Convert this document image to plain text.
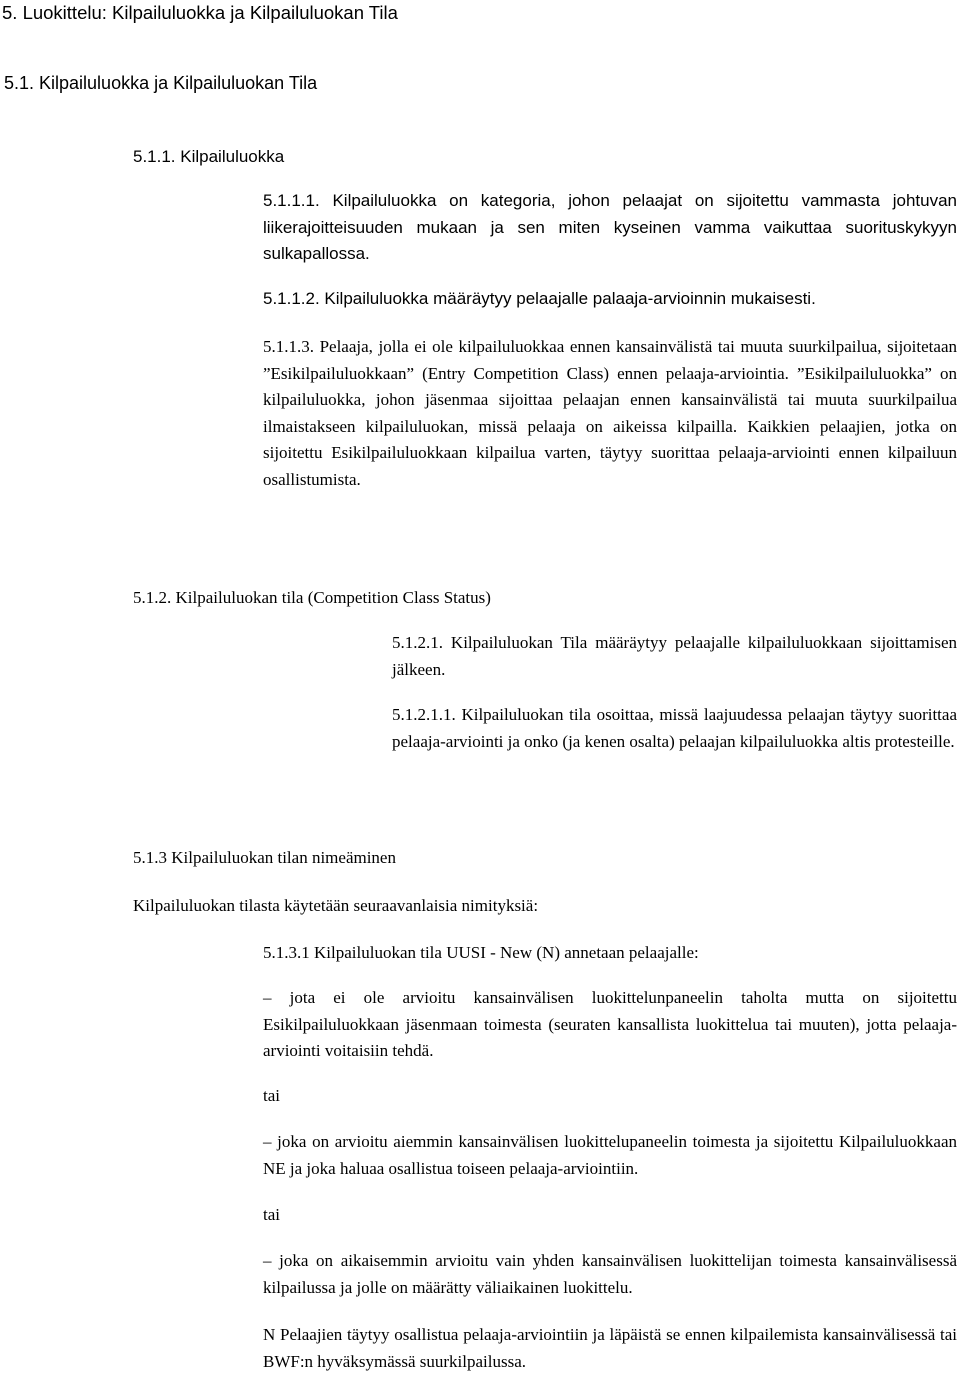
5. Luokittelu: Kilpailuluokka ja Kilpailuluokan Tila
5.1. Kilpailuluokka ja Kilpailuluokan Tila
5.1.1. Kilpailuluokka

5.1.1.1. Kilpailuluokka on kategoria, johon pelaajat on sijoitettu vammasta johtuvan liikerajoitteisuuden mukaan ja sen miten kyseinen vamma vaikuttaa suorituskykyyn sulkapallossa.

5.1.1.2. Kilpailuluokka määräytyy pelaajalle palaaja-arvioinnin mukaisesti.

5.1.1.3. Pelaaja, jolla ei ole kilpailuluokkaa ennen kansainvälistä tai muuta suurkilpailua, sijoitetaan ”Esikilpailuluokkaan” (Entry Competition Class) ennen pelaaja-arviointia. ”Esikilpailuluokka” on kilpailuluokka, johon jäsenmaa sijoittaa pelaajan ennen kansainvälistä tai muuta suurkilpailua ilmaistakseen kilpailuluokan, missä pelaaja on aikeissa kilpailla. Kaikkien pelaajien, jotka on sijoitettu Esikilpailuluokkaan kilpailua varten, täytyy suorittaa pelaaja-arviointi ennen kilpailuun osallistumista.

5.1.2. Kilpailuluokan tila (Competition Class Status)

5.1.2.1. Kilpailuluokan Tila määräytyy pelaajalle kilpailuluokkaan sijoittamisen jälkeen.

5.1.2.1.1. Kilpailuluokan tila osoittaa, missä laajuudessa pelaajan täytyy suorittaa pelaaja-arviointi ja onko (ja kenen osalta) pelaajan kilpailuluokka altis protesteille.

5.1.3 Kilpailuluokan tilan nimeäminen
Kilpailuluokan tilasta käytetään seuraavanlaisia nimityksiä:
5.1.3.1 Kilpailuluokan tila UUSI - New (N) annetaan pelaajalle:

– jota ei ole arvioitu kansainvälisen luokittelunpaneelin taholta mutta on sijoitettu Esikilpailuluokkaan jäsenmaan toimesta (seuraten kansallista luokittelua tai muuten), jotta pelaaja-arviointi voitaisiin tehdä.

tai

– joka on arvioitu aiemmin kansainvälisen luokittelupaneelin toimesta ja sijoitettu Kilpailuluokkaan NE ja joka haluaa osallistua toiseen pelaaja-arviointiin.

tai

– joka on aikaisemmin arvioitu vain yhden kansainvälisen luokittelijan toimesta kansainvälisessä kilpailussa ja jolle on määrätty väliaikainen luokittelu.

N Pelaajien täytyy osallistua pelaaja-arviointiin ja läpäistä se ennen kilpailemista kansainvälisessä tai BWF:n hyväksymässä suurkilpailussa.
